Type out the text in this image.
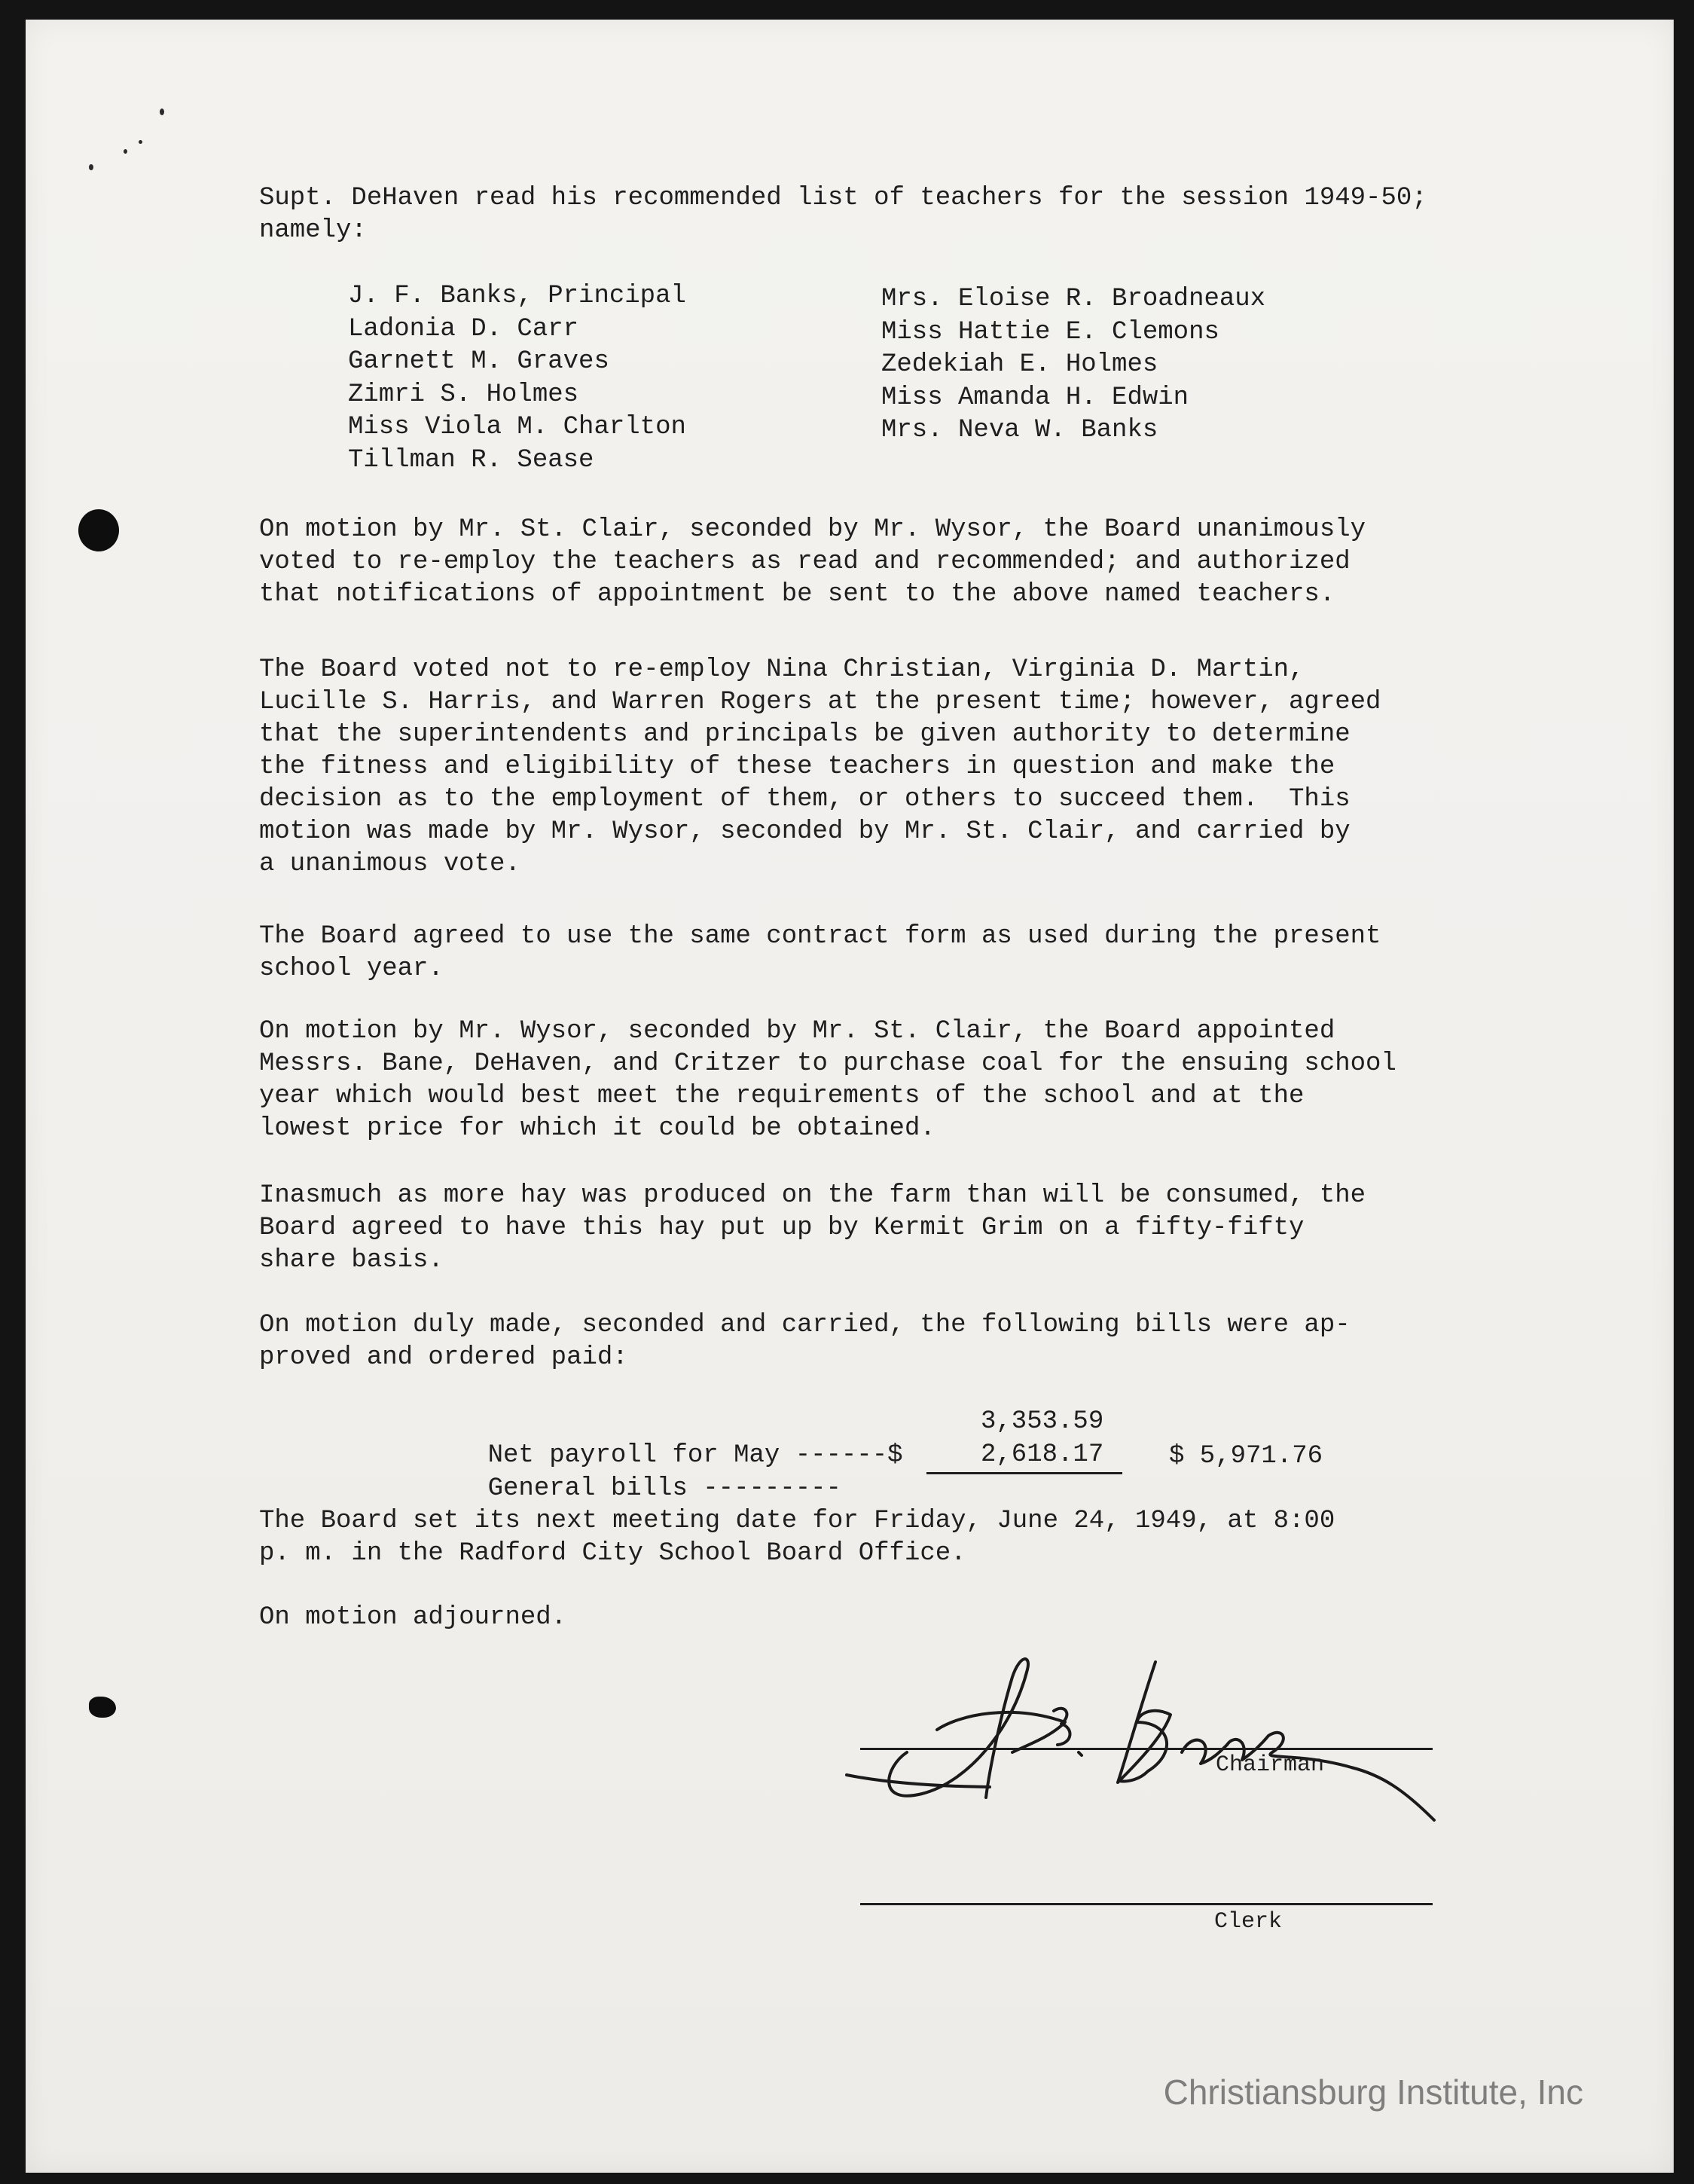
Supt. DeHaven read his recommended list of teachers for the session 1949-50;
namely:

J. F. Banks, Principal
Ladonia D. Carr
Garnett M. Graves
Zimri S. Holmes
Miss Viola M. Charlton
Tillman R. Sease
Mrs. Eloise R. Broadneaux
Miss Hattie E. Clemons
Zedekiah E. Holmes
Miss Amanda H. Edwin
Mrs. Neva W. Banks

On motion by Mr. St. Clair, seconded by Mr. Wysor, the Board unanimously
voted to re-employ the teachers as read and recommended; and authorized
that notifications of appointment be sent to the above named teachers.

The Board voted not to re-employ Nina Christian, Virginia D. Martin,
Lucille S. Harris, and Warren Rogers at the present time; however, agreed
that the superintendents and principals be given authority to determine
the fitness and eligibility of these teachers in question and make the
decision as to the employment of them, or others to succeed them.  This
motion was made by Mr. Wysor, seconded by Mr. St. Clair, and carried by
a unanimous vote.

The Board agreed to use the same contract form as used during the present
school year.

On motion by Mr. Wysor, seconded by Mr. St. Clair, the Board appointed
Messrs. Bane, DeHaven, and Critzer to purchase coal for the ensuing school
year which would best meet the requirements of the school and at the
lowest price for which it could be obtained.

Inasmuch as more hay was produced on the farm than will be consumed, the
Board agreed to have this hay put up by Kermit Grim on a fifty-fifty
share basis.

On motion duly made, seconded and carried, the following bills were ap-
proved and ordered paid:

Net payroll for May ------$

3,353.59

General bills ---------

2,618.17	$ 5,971.76

The Board set its next meeting date for Friday, June 24, 1949, at 8:00
p. m. in the Radford City School Board Office.

On motion adjourned.

Chairman
Clerk
Christiansburg Institute, Inc
